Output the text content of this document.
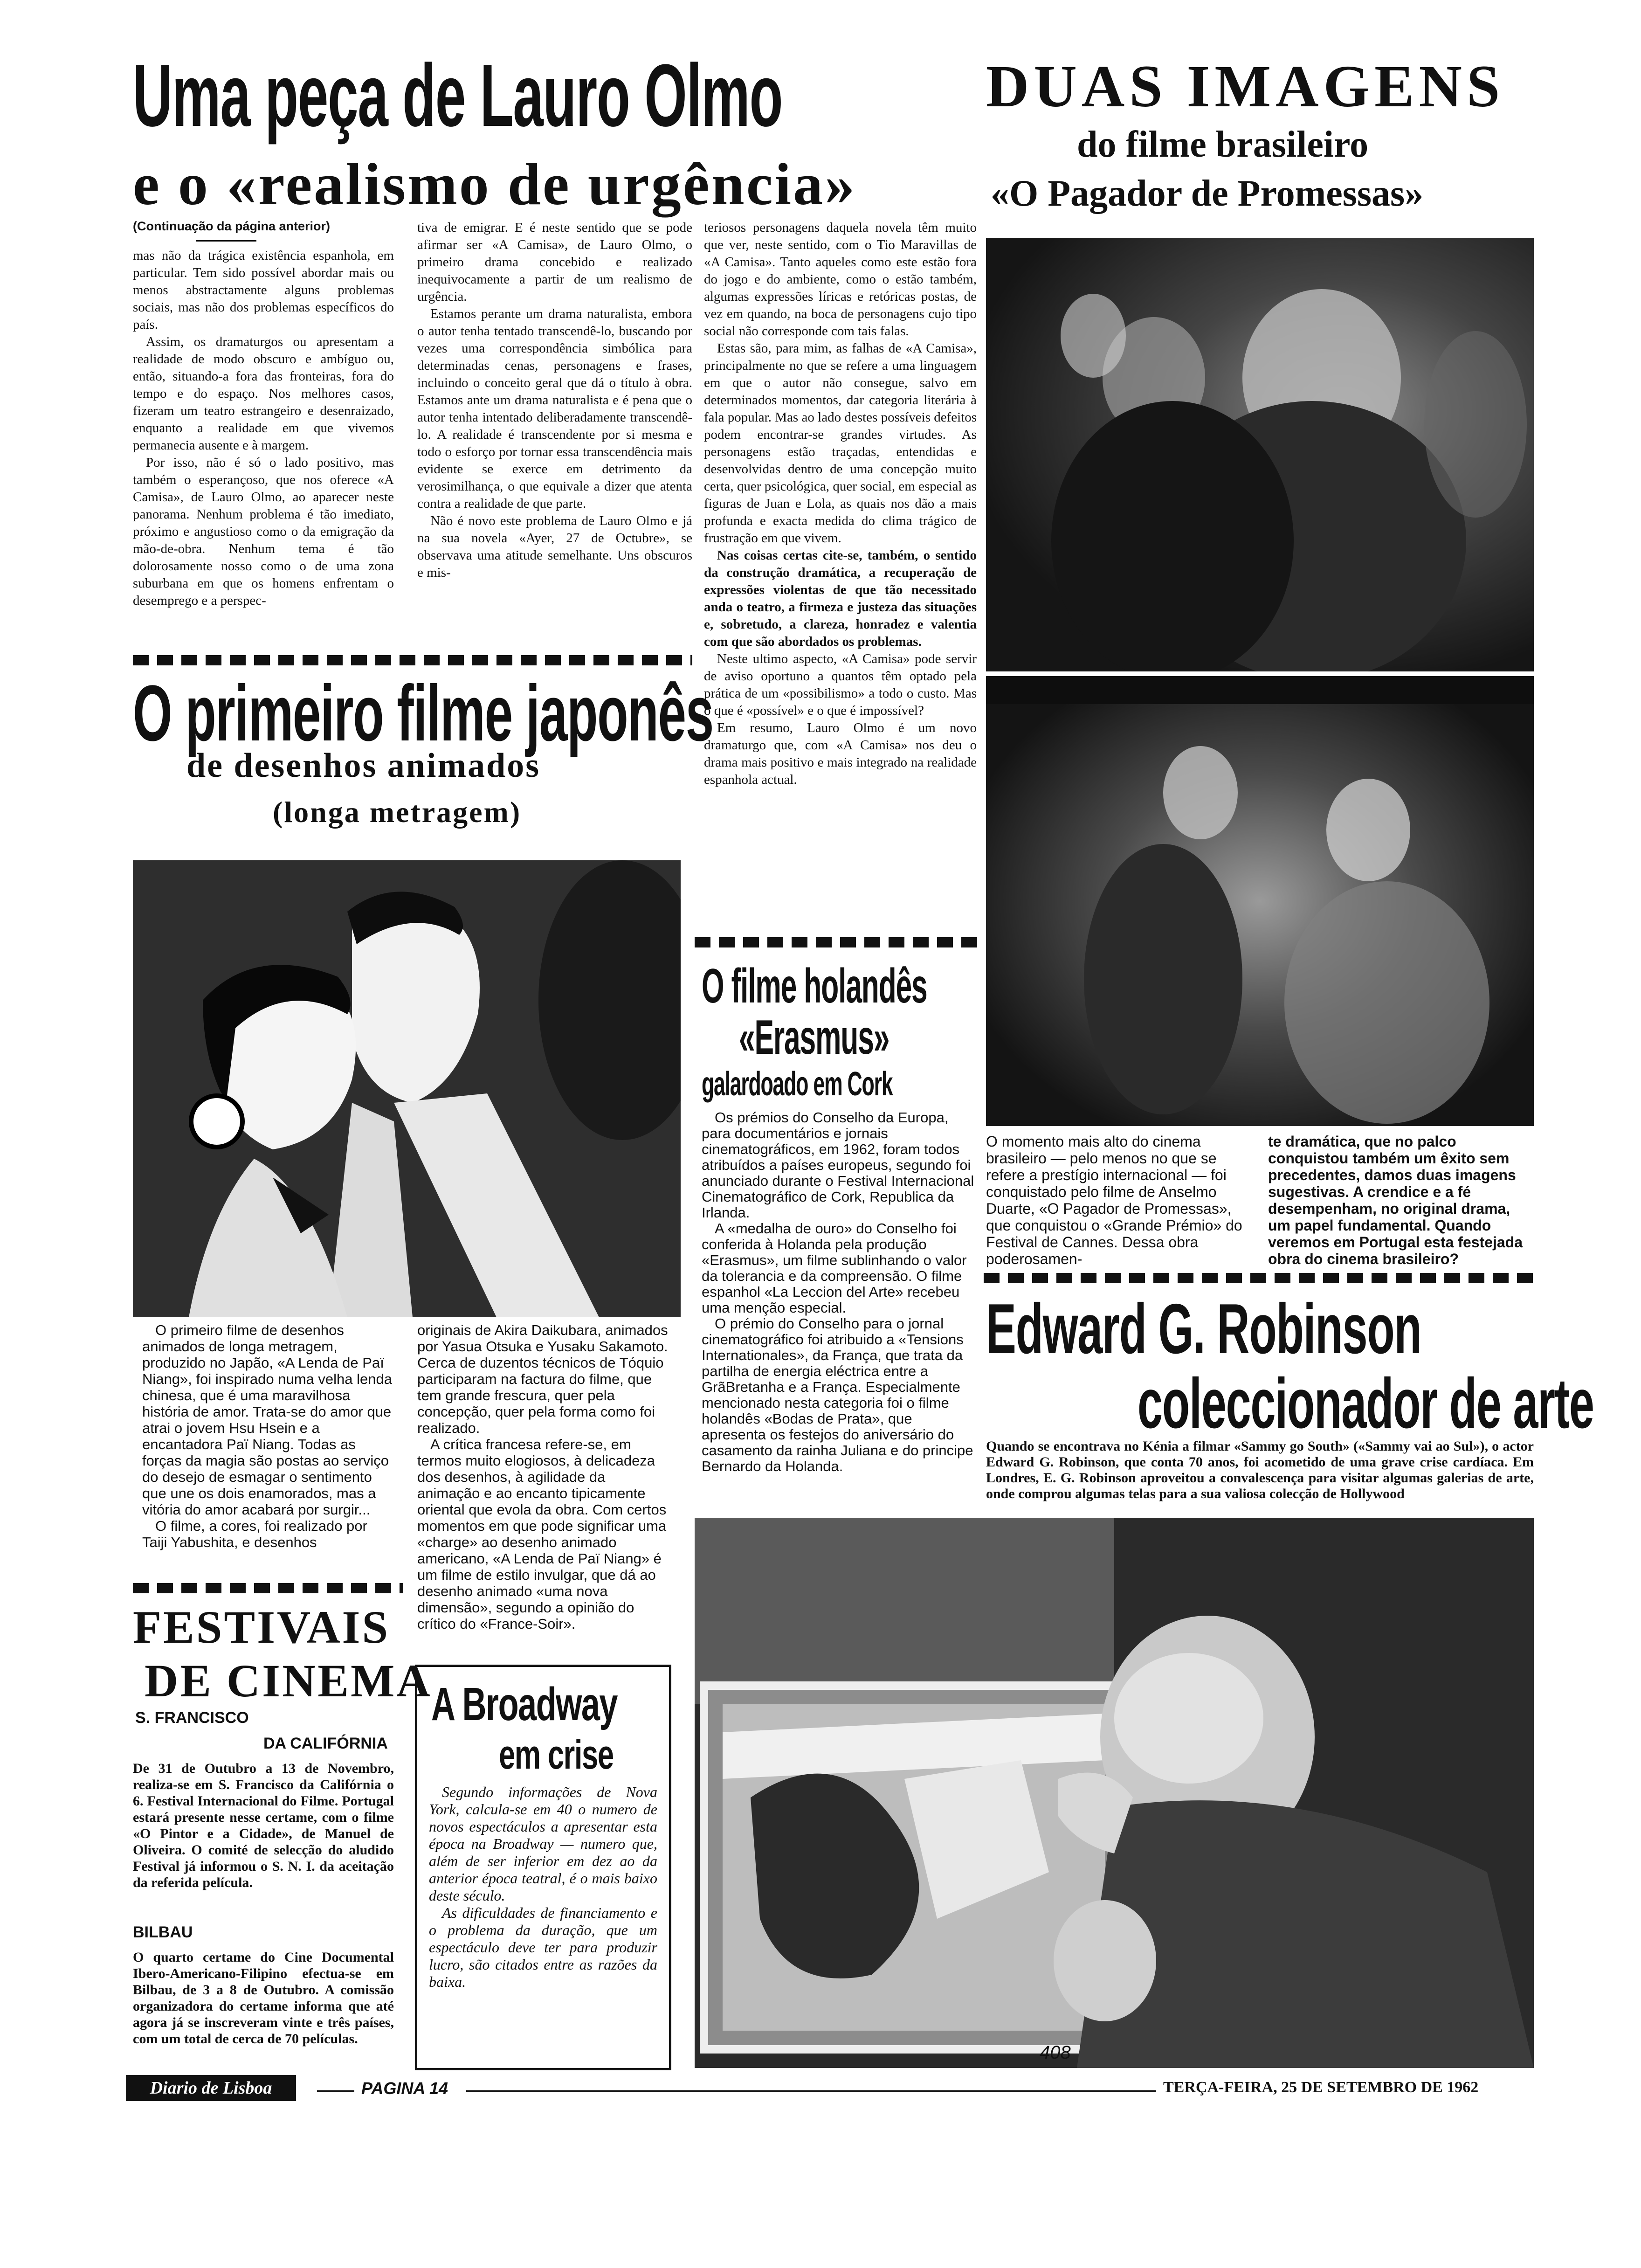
Uma peça de Lauro Olmo
e o «realismo de urgência»
(Continuação da página anterior)

mas não da trágica existência espanhola, em particular. Tem sido possível abordar mais ou menos abstractamente alguns problemas sociais, mas não dos problemas específicos do país.

Assim, os dramaturgos ou apresentam a realidade de modo obscuro e ambíguo ou, então, situando-a fora das fronteiras, fora do tempo e do espaço. Nos melhores casos, fizeram um teatro estrangeiro e desenraizado, enquanto a realidade em que vivemos permanecia ausente e à margem.

Por isso, não é só o lado positivo, mas também o esperançoso, que nos oferece «A Camisa», de Lauro Olmo, ao aparecer neste panorama. Nenhum problema é tão imediato, próximo e angustioso como o da emigração da mão-de-obra. Nenhum tema é tão dolorosamente nosso como o de uma zona suburbana em que os homens enfrentam o desemprego e a perspec-

tiva de emigrar. E é neste sentido que se pode afirmar ser «A Camisa», de Lauro Olmo, o primeiro drama concebido e realizado inequivocamente a partir de um realismo de urgência.

Estamos perante um drama naturalista, embora o autor tenha tentado transcendê-lo, buscando por vezes uma correspondência simbólica para determinadas cenas, personagens e frases, incluindo o conceito geral que dá o título à obra. Estamos ante um drama naturalista e é pena que o autor tenha intentado deliberadamente transcendê-lo. A realidade é transcendente por si mesma e todo o esforço por tornar essa transcendência mais evidente se exerce em detrimento da verosimilhança, o que equivale a dizer que atenta contra a realidade de que parte.

Não é novo este problema de Lauro Olmo e já na sua novela «Ayer, 27 de Octubre», se observava uma atitude semelhante. Uns obscuros e mis-

teriosos personagens daquela novela têm muito que ver, neste sentido, com o Tio Maravillas de «A Camisa». Tanto aqueles como este estão fora do jogo e do ambiente, como o estão também, algumas expressões líricas e retóricas postas, de vez em quando, na boca de personagens cujo tipo social não corresponde com tais falas.

Estas são, para mim, as falhas de «A Camisa», principalmente no que se refere a uma linguagem em que o autor não consegue, salvo em determinados momentos, dar categoria literária à fala popular. Mas ao lado destes possíveis defeitos podem encontrar-se grandes virtudes. As personagens estão traçadas, entendidas e desenvolvidas dentro de uma concepção muito certa, quer psicológica, quer social, em especial as figuras de Juan e Lola, as quais nos dão a mais profunda e exacta medida do clima trágico de frustração em que vivem.

Nas coisas certas cite-se, também, o sentido da construção dramática, a recuperação de expressões violentas de que tão necessitado anda o teatro, a firmeza e justeza das situações e, sobretudo, a clareza, honradez e valentia com que são abordados os problemas.

Neste ultimo aspecto, «A Camisa» pode servir de aviso oportuno a quantos têm optado pela prática de um «possibilismo» a todo o custo. Mas o que é «possível» e o que é impossível?

Em resumo, Lauro Olmo é um novo dramaturgo que, com «A Camisa» nos deu o drama mais positivo e mais integrado na realidade espanhola actual.

DUAS IMAGENS
do filme brasileiro
«O Pagador de Promessas»
O momento mais alto do cinema brasileiro — pelo menos no que se refere a prestígio internacional — foi conquistado pelo filme de Anselmo Duarte, «O Pagador de Promessas», que conquistou o «Grande Prémio» do Festival de Cannes. Dessa obra poderosamen-
te dramática, que no palco conquistou também um êxito sem precedentes, damos duas imagens sugestivas. A crendice e a fé desempenham, no original drama, um papel fundamental. Quando veremos em Portugal esta festejada obra do cinema brasileiro?
O primeiro filme japonês
de desenhos animados
(longa metragem)

O primeiro filme de desenhos animados de longa metragem, produzido no Japão, «A Lenda de Paï Niang», foi inspirado numa velha lenda chinesa, que é uma maravilhosa história de amor. Trata-se do amor que atrai o jovem Hsu Hsein e a encantadora Paï Niang. Todas as forças da magia são postas ao serviço do desejo de esmagar o sentimento que une os dois enamorados, mas a vitória do amor acabará por surgir...

O filme, a cores, foi realizado por Taiji Yabushita, e desenhos

originais de Akira Daikubara, animados por Yasua Otsuka e Yusaku Sakamoto. Cerca de duzentos técnicos de Tóquio participaram na factura do filme, que tem grande frescura, quer pela concepção, quer pela forma como foi realizado.

A crítica francesa refere-se, em termos muito elogiosos, à delicadeza dos desenhos, à agilidade da animação e ao encanto tipicamente oriental que evola da obra. Com certos momentos em que pode significar uma «charge» ao desenho animado americano, «A Lenda de Paï Niang» é um filme de estilo invulgar, que dá ao desenho animado «uma nova dimensão», segundo a opinião do crítico do «France-Soir».

O filme holandês
«Erasmus»
galardoado em Cork

Os prémios do Conselho da Europa, para documentários e jornais cinematográficos, em 1962, foram todos atribuídos a países europeus, segundo foi anunciado durante o Festival Internacional Cinematográfico de Cork, Republica da Irlanda.

A «medalha de ouro» do Conselho foi conferida à Holanda pela produção «Erasmus», um filme sublinhando o valor da tolerancia e da compreensão. O filme espanhol «La Leccion del Arte» recebeu uma menção especial.

O prémio do Conselho para o jornal cinematográfico foi atribuido a «Tensions Internationales», da França, que trata da partilha de energia eléctrica entre a GrãBretanha e a França. Especialmente mencionado nesta categoria foi o filme holandês «Bodas de Prata», que apresenta os festejos do aniversário do casamento da rainha Juliana e do principe Bernardo da Holanda.

Edward G. Robinson
coleccionador de arte
Quando se encontrava no Kénia a filmar «Sammy go South» («Sammy vai ao Sul»), o actor Edward G. Robinson, que conta 70 anos, foi acometido de uma grave crise cardíaca. Em Londres, E. G. Robinson aproveitou a convalescença para visitar algumas galerias de arte, onde comprou algumas telas para a sua valiosa colecção de Hollywood
408
FESTIVAIS
DE CINEMA
S. FRANCISCO
DA CALIFÓRNIA
De 31 de Outubro a 13 de Novembro, realiza-se em S. Francisco da Califórnia o 6. Festival Internacional do Filme. Portugal estará presente nesse certame, com o filme «O Pintor e a Cidade», de Manuel de Oliveira. O comité de selecção do aludido Festival já informou o S. N. I. da aceitação da referida película.
BILBAU
O quarto certame do Cine Documental Ibero-Americano-Filipino efectua-se em Bilbau, de 3 a 8 de Outubro. A comissão organizadora do certame informa que até agora já se inscreveram vinte e três países, com um total de cerca de 70 películas.
A Broadway
em crise

Segundo informações de Nova York, calcula-se em 40 o numero de novos espectáculos a apresentar esta época na Broadway — numero que, além de ser inferior em dez ao da anterior época teatral, é o mais baixo deste século.

As dificuldades de financiamento e o problema da duração, que um espectáculo deve ter para produzir lucro, são citados entre as razões da baixa.

Diario de Lisboa	PAGINA 14	TERÇA-FEIRA, 25 DE SETEMBRO DE 1962
